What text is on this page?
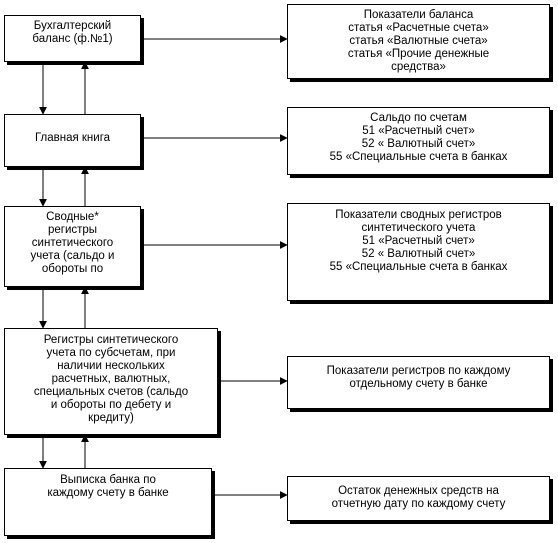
Бухгалтерский
баланс (ф.№1)
Главная книга
Сводные*
регистры
синтетического
учета (сальдо и
обороты по
Регистры синтетического
учета по субсчетам, при
наличии нескольких
расчетных, валютных,
специальных счетов (сальдо
и обороты по дебету и
кредиту)
Выписка банка по
каждому счету в банке
Показатели баланса
статья «Расчетные счета»
статья «Валютные счета»
статья «Прочие денежные
средства»
Сальдо по счетам
51 «Расчетный счет»
52 « Валютный счет»
55 «Специальные счета в банках
Показатели сводных регистров
синтетического учета
51 «Расчетный счет»
52 « Валютный счет»
55 «Специальные счета в банках
Показатели регистров по каждому
отдельному счету в банке
Остаток денежных средств на
отчетную дату по каждому счету
